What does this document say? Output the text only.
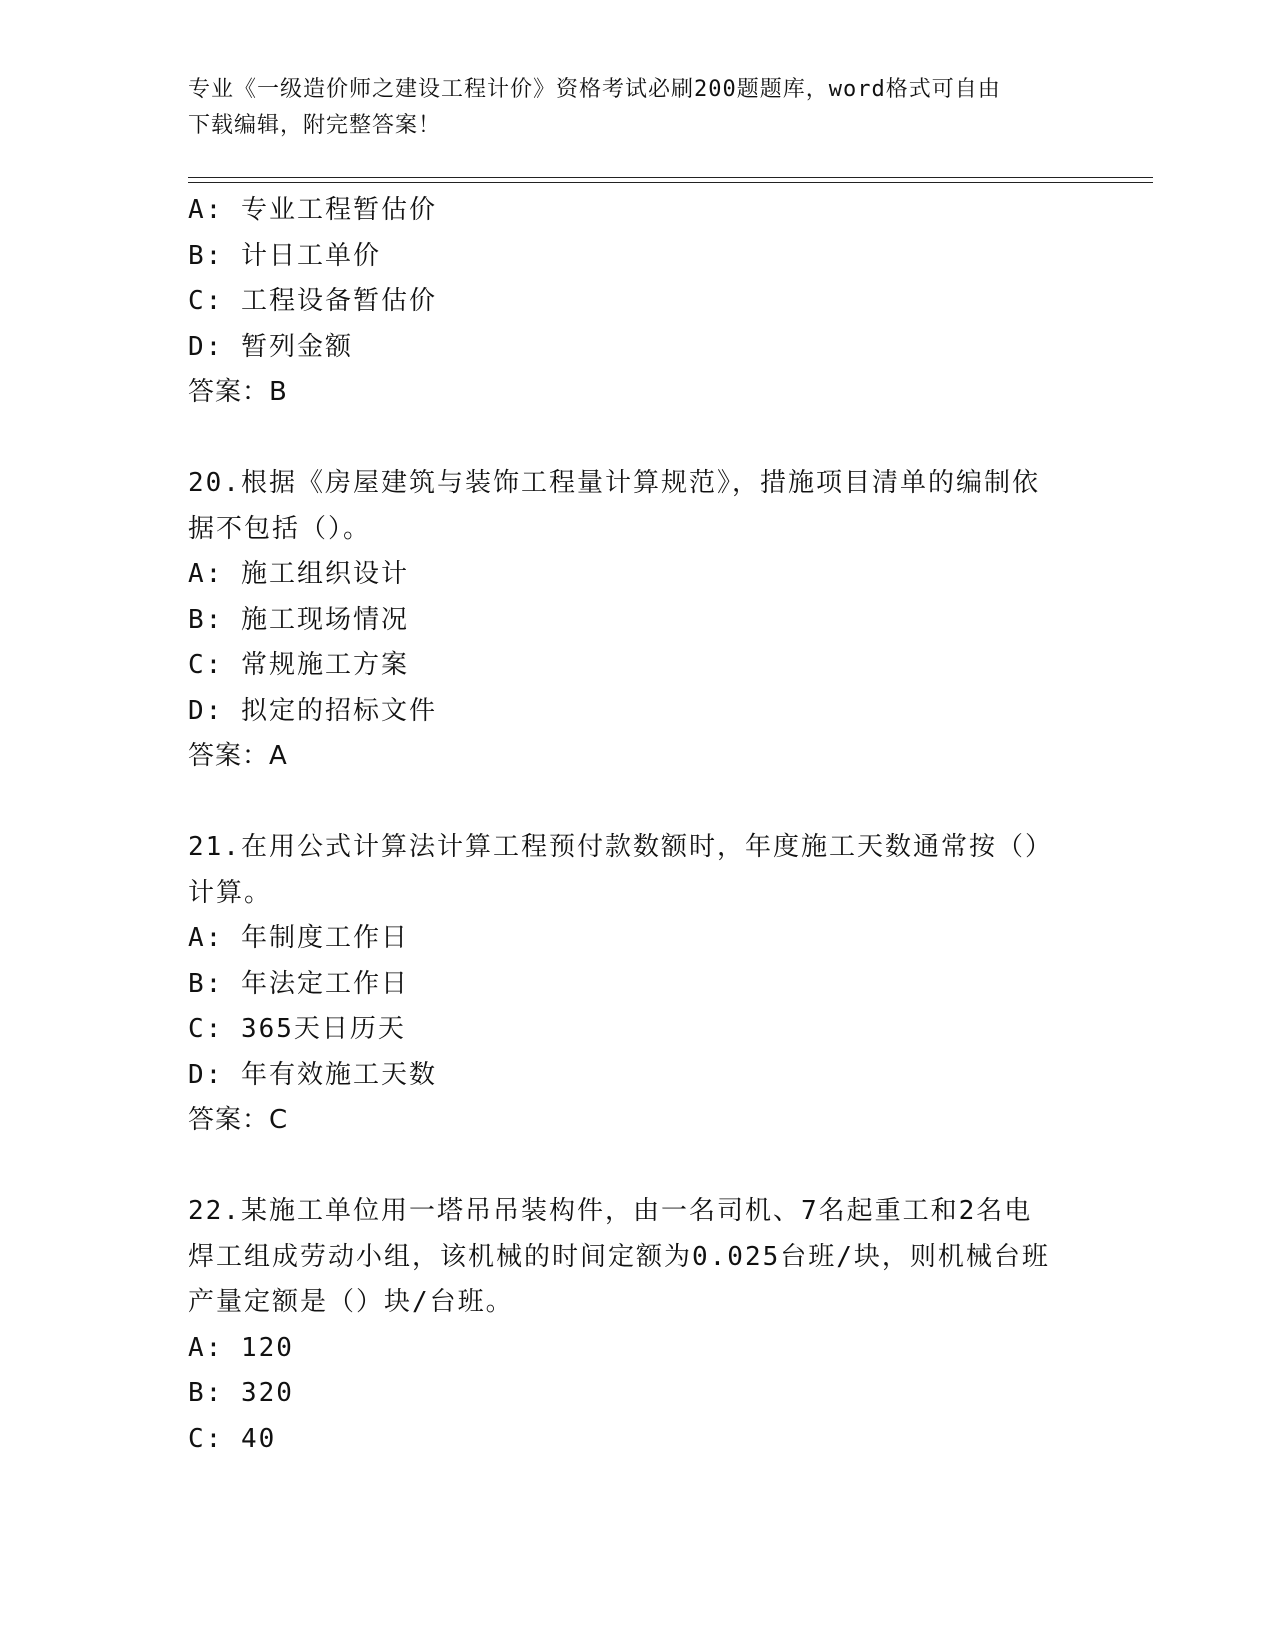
专业《一级造价师之建设工程计价》资格考试必刷200题题库，word格式可自由
下载编辑，附完整答案！
A: 专业工程暂估价
B: 计日工单价
C: 工程设备暂估价
D: 暂列金额
答案：B
20.根据《房屋建筑与装饰工程量计算规范》，措施项目清单的编制依
据不包括（）。
A: 施工组织设计
B: 施工现场情况
C: 常规施工方案
D: 拟定的招标文件
答案：A
21.在用公式计算法计算工程预付款数额时，年度施工天数通常按（）
计算。
A: 年制度工作日
B: 年法定工作日
C: 365天日历天
D: 年有效施工天数
答案：C
22.某施工单位用一塔吊吊装构件，由一名司机、7名起重工和2名电
焊工组成劳动小组，该机械的时间定额为0.025台班/块，则机械台班
产量定额是（）块/台班。
A: 120
B: 320
C: 40
